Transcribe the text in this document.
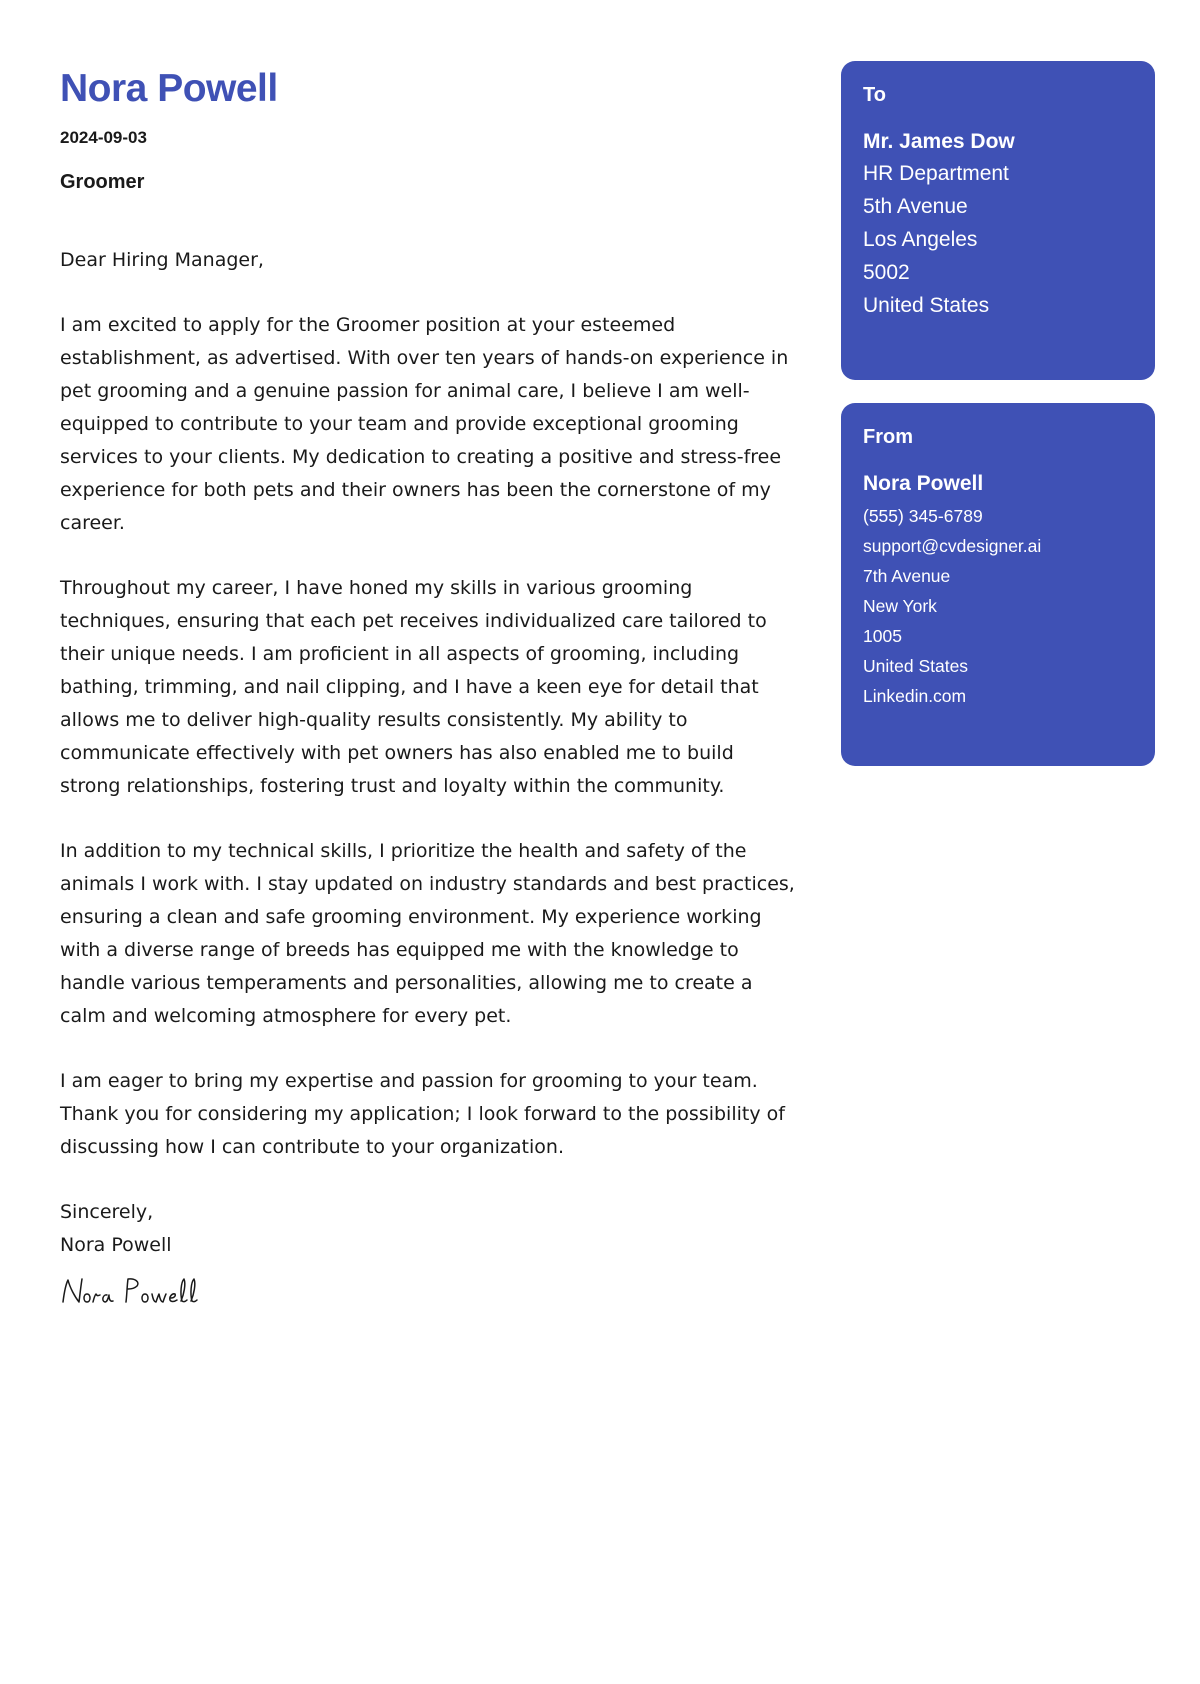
Nora Powell
2024-09-03
Groomer

Dear Hiring Manager,

I am excited to apply for the Groomer position at your esteemed establishment, as advertised. With over ten years of hands-on experience in pet grooming and a genuine passion for animal care, I believe I am well-equipped to contribute to your team and provide exceptional grooming services to your clients. My dedication to creating a positive and stress-free experience for both pets and their owners has been the cornerstone of my career.

Throughout my career, I have honed my skills in various grooming techniques, ensuring that each pet receives individualized care tailored to their unique needs. I am proficient in all aspects of grooming, including bathing, trimming, and nail clipping, and I have a keen eye for detail that allows me to deliver high-quality results consistently. My ability to communicate effectively with pet owners has also enabled me to build strong relationships, fostering trust and loyalty within the community.

In addition to my technical skills, I prioritize the health and safety of the animals I work with. I stay updated on industry standards and best practices, ensuring a clean and safe grooming environment. My experience working with a diverse range of breeds has equipped me with the knowledge to handle various temperaments and personalities, allowing me to create a calm and welcoming atmosphere for every pet.

I am eager to bring my expertise and passion for grooming to your team. Thank you for considering my application; I look forward to the possibility of discussing how I can contribute to your organization.

Sincerely,
Nora Powell
To
Mr. James Dow
HR Department
5th Avenue
Los Angeles
5002
United States
From
Nora Powell
(555) 345-6789
support@cvdesigner.ai
7th Avenue
New York
1005
United States
Linkedin.com
